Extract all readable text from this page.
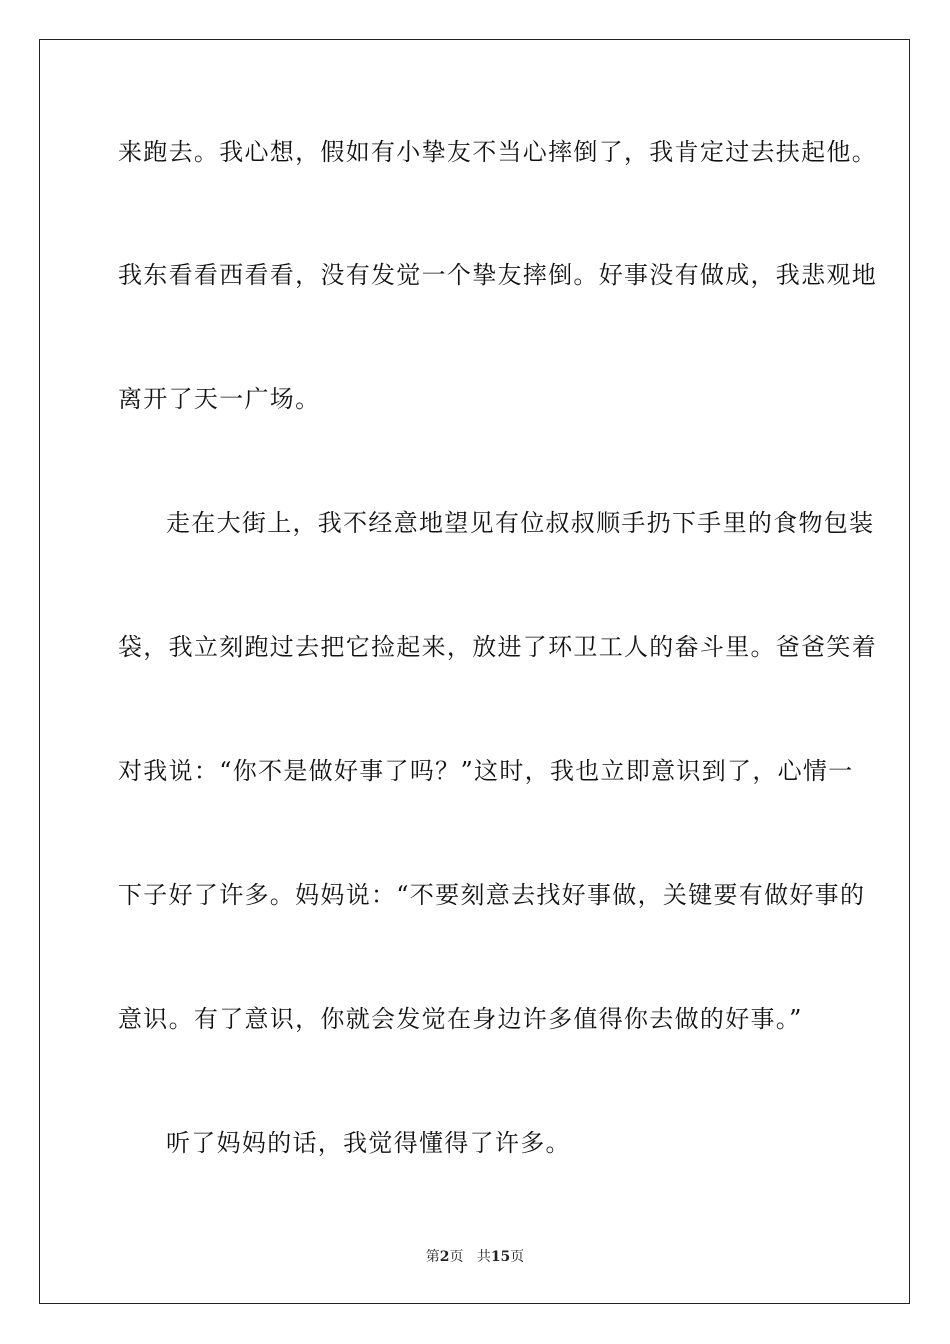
来跑去。我心想，假如有小挚友不当心摔倒了，我肯定过去扶起他。
我东看看西看看，没有发觉一个挚友摔倒。好事没有做成，我悲观地
离开了天一广场。
走在大街上，我不经意地望见有位叔叔顺手扔下手里的食物包装
袋，我立刻跑过去把它捡起来，放进了环卫工人的畚斗里。爸爸笑着
对我说：“你不是做好事了吗？”这时，我也立即意识到了，心情一
下子好了许多。妈妈说：“不要刻意去找好事做，关键要有做好事的
意识。有了意识，你就会发觉在身边许多值得你去做的好事。”
听了妈妈的话，我觉得懂得了许多。
第2页 共15页
